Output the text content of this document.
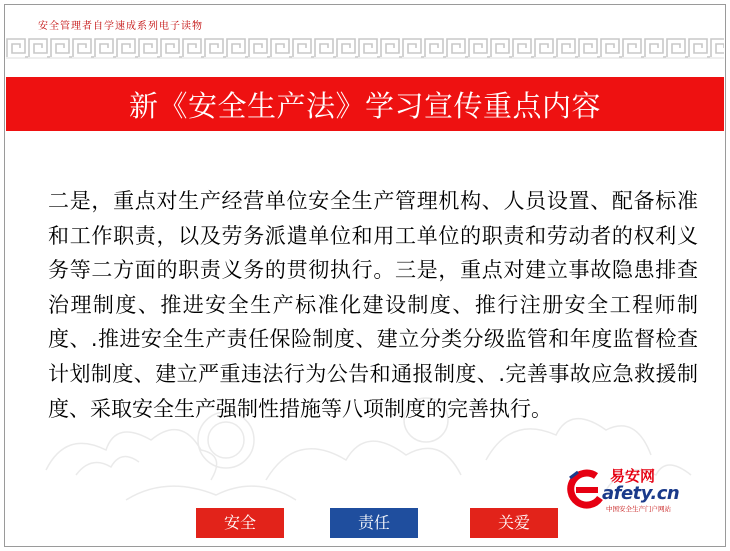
安全管理者自学速成系列电子读物
新《安全生产法》学习宣传重点内容

二是，重点对生产经营单位安全生产管理机构、人员设置、配备标准和工作职责，以及劳务派遣单位和用工单位的职责和劳动者的权利义务等二方面的职责义务的贯彻执行。三是，重点对建立事故隐患排查治理制度、推进安全生产标准化建设制度、推行注册安全工程师制度、.推进安全生产责任保险制度、建立分类分级监管和年度监督检查计划制度、建立严重违法行为公告和通报制度、.完善事故应急救援制度、采取安全生产强制性措施等八项制度的完善执行。

易安网
afety.cn
中国安全生产门户网站
安全	责任	关爱
